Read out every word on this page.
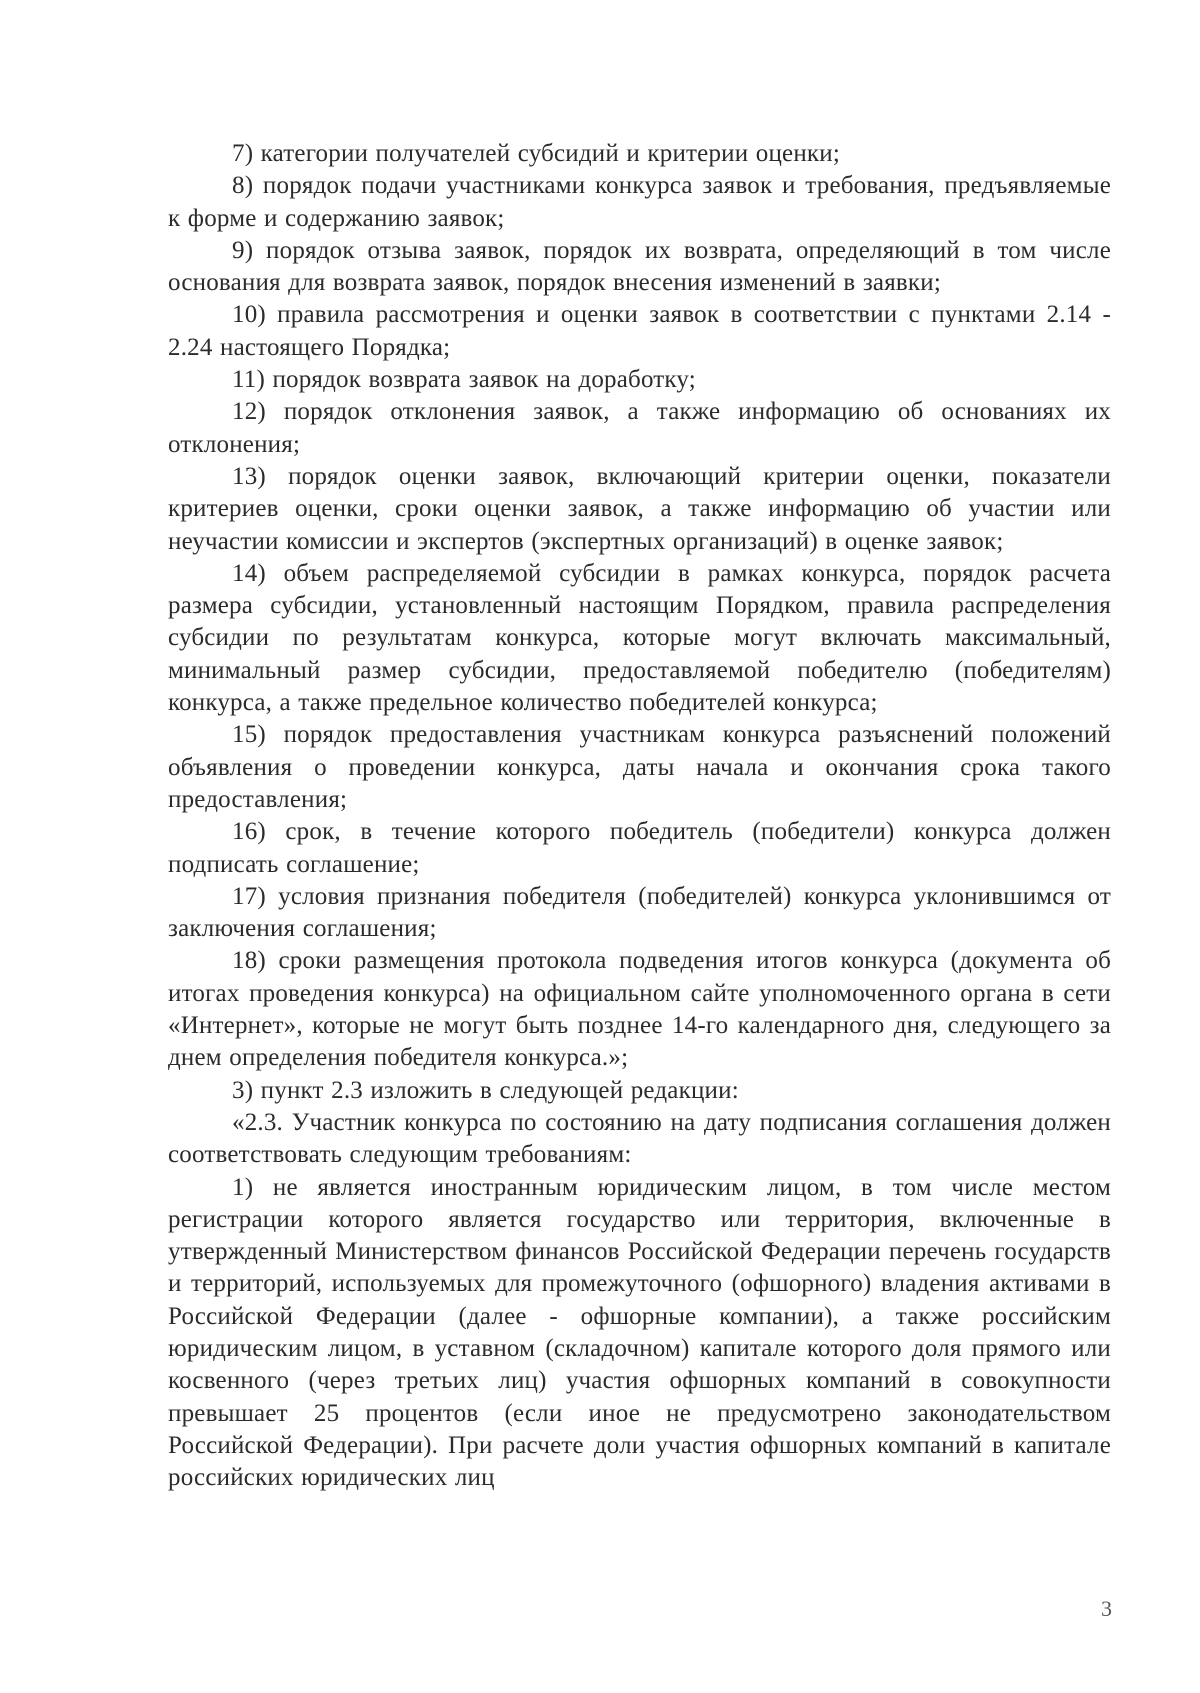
7) категории получателей субсидий и критерии оценки;

8) порядок подачи участниками конкурса заявок и требования, предъявляемые к форме и содержанию заявок;

9) порядок отзыва заявок, порядок их возврата, определяющий в том числе основания для возврата заявок, порядок внесения изменений в заявки;

10) правила рассмотрения и оценки заявок в соответствии с пунктами 2.14 - 2.24 настоящего Порядка;

11) порядок возврата заявок на доработку;

12) порядок отклонения заявок, а также информацию об основаниях их отклонения;

13) порядок оценки заявок, включающий критерии оценки, показатели критериев оценки, сроки оценки заявок, а также информацию об участии или неучастии комиссии и экспертов (экспертных организаций) в оценке заявок;

14) объем распределяемой субсидии в рамках конкурса, порядок расчета размера субсидии, установленный настоящим Порядком, правила распределения субсидии по результатам конкурса, которые могут включать максимальный, минимальный размер субсидии, предоставляемой победителю (победителям) конкурса, а также предельное количество победителей конкурса;

15) порядок предоставления участникам конкурса разъяснений положений объявления о проведении конкурса, даты начала и окончания срока такого предоставления;

16) срок, в течение которого победитель (победители) конкурса должен подписать соглашение;

17) условия признания победителя (победителей) конкурса уклонившимся от заключения соглашения;

18) сроки размещения протокола подведения итогов конкурса (документа об итогах проведения конкурса) на официальном сайте уполномоченного органа в сети «Интернет», которые не могут быть позднее 14-го календарного дня, следующего за днем определения победителя конкурса.»;

3) пункт 2.3 изложить в следующей редакции:

«2.3. Участник конкурса по состоянию на дату подписания соглашения должен соответствовать следующим требованиям:

1) не является иностранным юридическим лицом, в том числе местом регистрации которого является государство или территория, включенные в утвержденный Министерством финансов Российской Федерации перечень государств и территорий, используемых для промежуточного (офшорного) владения активами в Российской Федерации (далее - офшорные компании), а также российским юридическим лицом, в уставном (складочном) капитале которого доля прямого или косвенного (через третьих лиц) участия офшорных компаний в совокупности превышает 25 процентов (если иное не предусмотрено законодательством Российской Федерации). При расчете доли участия офшорных компаний в капитале российских юридических лиц

3
